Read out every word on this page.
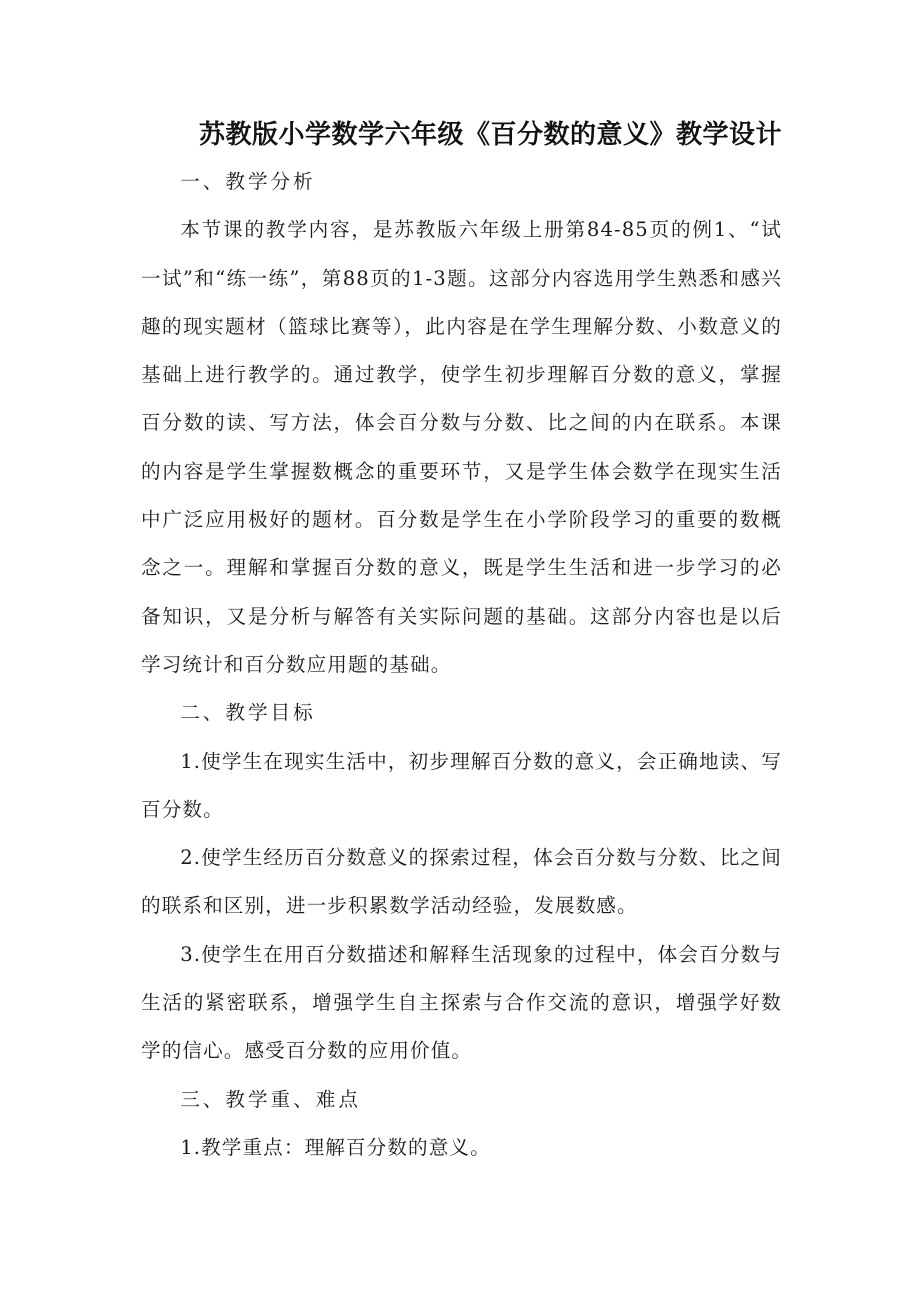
苏教版小学数学六年级《百分数的意义》教学设计

一、教学分析

本节课的教学内容，是苏教版六年级上册第84-85页的例1、“试一试”和“练一练”，第88页的1-3题。这部分内容选用学生熟悉和感兴趣的现实题材（篮球比赛等），此内容是在学生理解分数、小数意义的基础上进行教学的。通过教学，使学生初步理解百分数的意义，掌握百分数的读、写方法，体会百分数与分数、比之间的内在联系。本课的内容是学生掌握数概念的重要环节，又是学生体会数学在现实生活中广泛应用极好的题材。百分数是学生在小学阶段学习的重要的数概念之一。理解和掌握百分数的意义，既是学生生活和进一步学习的必备知识，又是分析与解答有关实际问题的基础。这部分内容也是以后学习统计和百分数应用题的基础。

二、教学目标

1.使学生在现实生活中，初步理解百分数的意义，会正确地读、写百分数。

2.使学生经历百分数意义的探索过程，体会百分数与分数、比之间的联系和区别，进一步积累数学活动经验，发展数感。

3.使学生在用百分数描述和解释生活现象的过程中，体会百分数与生活的紧密联系，增强学生自主探索与合作交流的意识，增强学好数学的信心。感受百分数的应用价值。

三、教学重、难点

1.教学重点：理解百分数的意义。
